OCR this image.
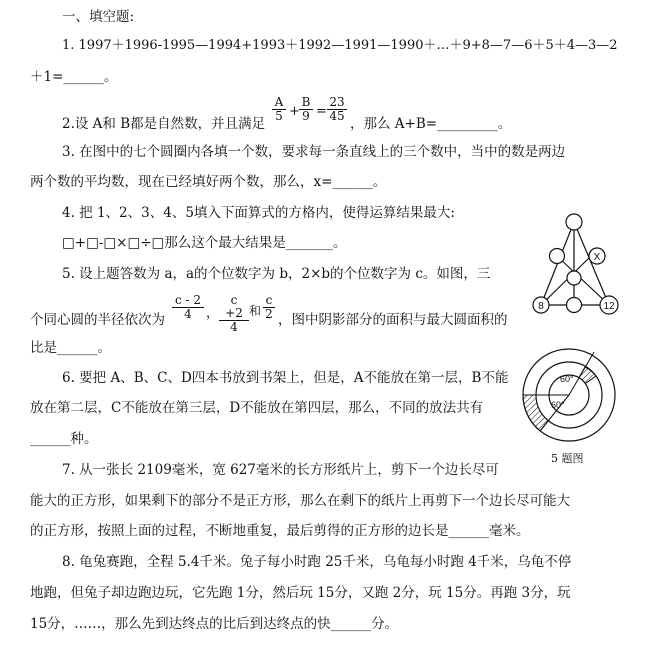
一、填空题:
1. 1997＋1996-1995—1994+1993＋1992—1991—1990＋…＋9+8—7—6＋5＋4—3—2
＋1=______。
2.设 A和 B都是自然数，并且满足
$\frac{A}{5} + \frac{B}{9} = \frac{23}{45}$
，那么 A+B=_________。
3. 在图中的七个圆圈内各填一个数，要求每一条直线上的三个数中，当中的数是两边
两个数的平均数，现在已经填好两个数，那么，x=______。
4. 把 1、2、3、4、5填入下面算式的方格内，使得运算结果最大:
□+□-□×□÷□那么这个最大结果是_______。
5. 设上题答数为 a，a的个位数字为 b，2×b的个位数字为 c。如图，三
个同心圆的半径依次为 $\frac{c - 2}{4}$ ， $\frac{c +2}{4}$ 和 $\frac{c}{2}$ ，图中阴影部分的面积与最大圆面积的
比是______。
6. 要把 A、B、C、D四本书放到书架上，但是，A不能放在第一层，B不能
放在第二层，C不能放在第三层，D不能放在第四层，那么，不同的放法共有
______种。
7. 从一张长 2109毫米，宽 627毫米的长方形纸片上，剪下一个边长尽可
能大的正方形，如果剩下的部分不是正方形，那么在剩下的纸片上再剪下一个边长尽可能大
的正方形，按照上面的过程，不断地重复，最后剪得的正方形的边长是______毫米。
8. 龟兔赛跑，全程 5.4千米。兔子每小时跑 25千米，乌龟每小时跑 4千米，乌龟不停
地跑，但兔子却边跑边玩，它先跑 1分，然后玩 15分，又跑 2分，玩 15分。再跑 3分，玩
15分，……，那么先到达终点的比后到达终点的快______分。
X
8	12
60°
60°
5 题图
